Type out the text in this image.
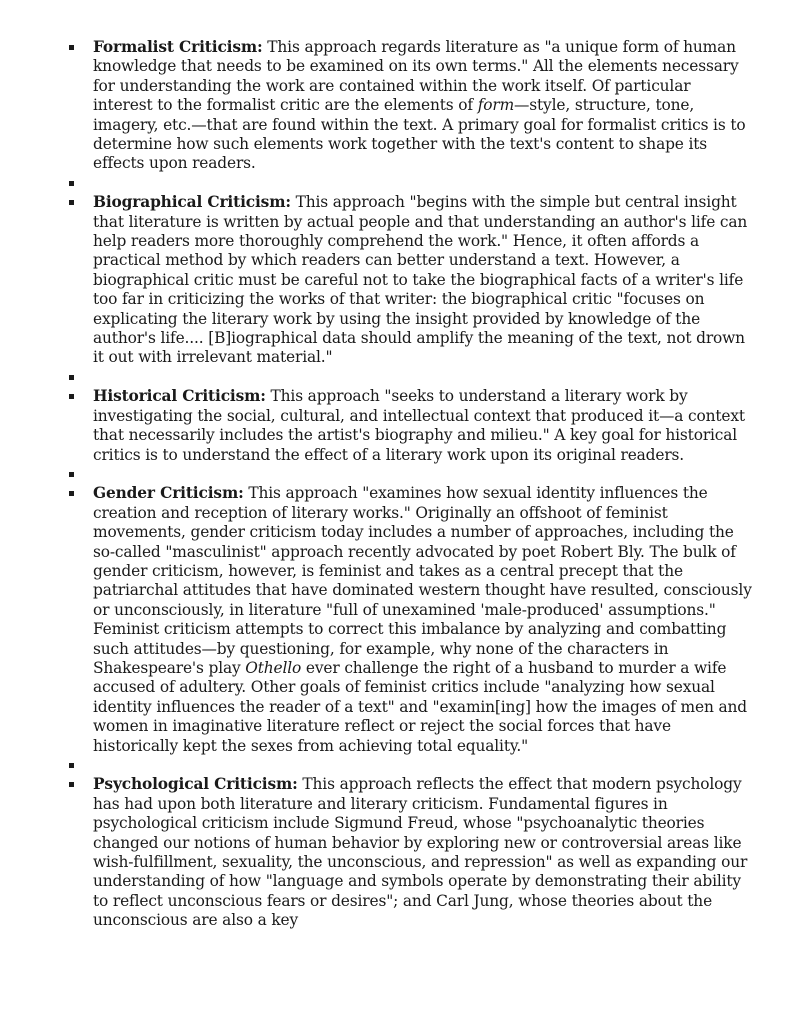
Formalist Criticism: This approach regards literature as "a unique form of human knowledge that needs to be examined on its own terms." All the elements necessary for understanding the work are contained within the work itself. Of particular interest to the formalist critic are the elements of form—style, structure, tone, imagery, etc.—that are found within the text. A primary goal for formalist critics is to determine how such elements work together with the text's content to shape its effects upon readers.
Biographical Criticism: This approach "begins with the simple but central insight that literature is written by actual people and that understanding an author's life can help readers more thoroughly comprehend the work." Hence, it often affords a practical method by which readers can better understand a text. However, a biographical critic must be careful not to take the biographical facts of a writer's life too far in criticizing the works of that writer: the biographical critic "focuses on explicating the literary work by using the insight provided by knowledge of the author's life.... [B]iographical data should amplify the meaning of the text, not drown it out with irrelevant material."
Historical Criticism: This approach "seeks to understand a literary work by investigating the social, cultural, and intellectual context that produced it—a context that necessarily includes the artist's biography and milieu." A key goal for historical critics is to understand the effect of a literary work upon its original readers.
Gender Criticism: This approach "examines how sexual identity influences the creation and reception of literary works." Originally an offshoot of feminist movements, gender criticism today includes a number of approaches, including the so-called "masculinist" approach recently advocated by poet Robert Bly. The bulk of gender criticism, however, is feminist and takes as a central precept that the patriarchal attitudes that have dominated western thought have resulted, consciously or unconsciously, in literature "full of unexamined 'male-produced' assumptions." Feminist criticism attempts to correct this imbalance by analyzing and combatting such attitudes—by questioning, for example, why none of the characters in Shakespeare's play Othello ever challenge the right of a husband to murder a wife accused of adultery. Other goals of feminist critics include "analyzing how sexual identity influences the reader of a text" and "examin[ing] how the images of men and women in imaginative literature reflect or reject the social forces that have historically kept the sexes from achieving total equality."
Psychological Criticism: This approach reflects the effect that modern psychology has had upon both literature and literary criticism. Fundamental figures in psychological criticism include Sigmund Freud, whose "psychoanalytic theories changed our notions of human behavior by exploring new or controversial areas like wish-fulfillment, sexuality, the unconscious, and repression" as well as expanding our understanding of how "language and symbols operate by demonstrating their ability to reflect unconscious fears or desires"; and Carl Jung, whose theories about the unconscious are also a key
